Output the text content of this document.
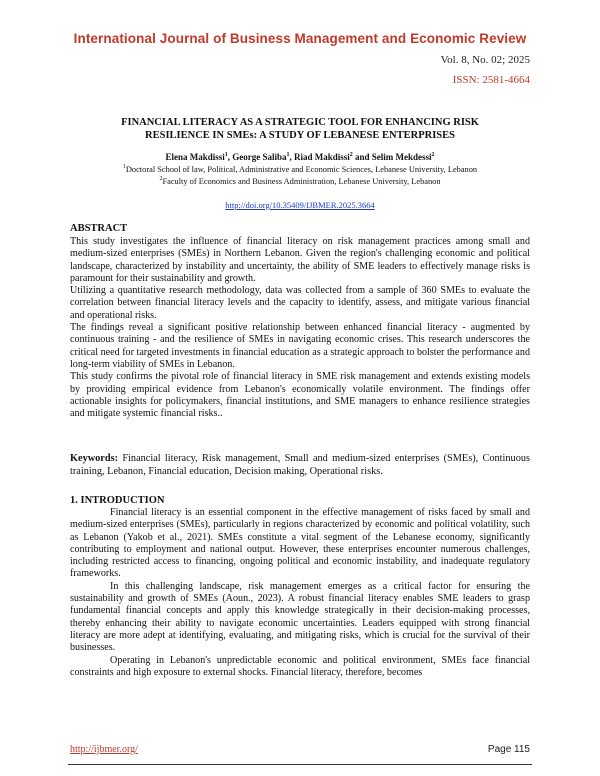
International Journal of Business Management and Economic Review
Vol. 8, No. 02; 2025
ISSN: 2581-4664
FINANCIAL LITERACY AS A STRATEGIC TOOL FOR ENHANCING RISK
RESILIENCE IN SMEs: A STUDY OF LEBANESE ENTERPRISES
Elena Makdissi$^1$, George Saliba$^1$, Riad Makdissi$^2$ and Selim Mekdessi$^2$
$^1$Doctoral School of law, Political, Administrative and Economic Sciences, Lebanese University, Lebanon
$^2$Faculty of Economics and Business Administration, Lebanese University, Lebanon
http://doi.org/10.35409/IJBMER.2025.3664
ABSTRACT

This study investigates the influence of financial literacy on risk management practices among small and medium-sized enterprises (SMEs) in Northern Lebanon. Given the region's challenging economic and political landscape, characterized by instability and uncertainty, the ability of SME leaders to effectively manage risks is paramount for their sustainability and growth.

Utilizing a quantitative research methodology, data was collected from a sample of 360 SMEs to evaluate the correlation between financial literacy levels and the capacity to identify, assess, and mitigate various financial and operational risks.

The findings reveal a significant positive relationship between enhanced financial literacy - augmented by continuous training - and the resilience of SMEs in navigating economic crises. This research underscores the critical need for targeted investments in financial education as a strategic approach to bolster the performance and long-term viability of SMEs in Lebanon.

This study confirms the pivotal role of financial literacy in SME risk management and extends existing models by providing empirical evidence from Lebanon's economically volatile environment. The findings offer actionable insights for policymakers, financial institutions, and SME managers to enhance resilience strategies and mitigate systemic financial risks..

Keywords: Financial literacy, Risk management, Small and medium-sized enterprises (SMEs), Continuous training, Lebanon, Financial education, Decision making, Operational risks.
1. INTRODUCTION

Financial literacy is an essential component in the effective management of risks faced by small and medium-sized enterprises (SMEs), particularly in regions characterized by economic and political volatility, such as Lebanon (Yakob et al., 2021). SMEs constitute a vital segment of the Lebanese economy, significantly contributing to employment and national output. However, these enterprises encounter numerous challenges, including restricted access to financing, ongoing political and economic instability, and inadequate regulatory frameworks.

In this challenging landscape, risk management emerges as a critical factor for ensuring the sustainability and growth of SMEs (Aoun., 2023). A robust financial literacy enables SME leaders to grasp fundamental financial concepts and apply this knowledge strategically in their decision-making processes, thereby enhancing their ability to navigate economic uncertainties. Leaders equipped with strong financial literacy are more adept at identifying, evaluating, and mitigating risks, which is crucial for the survival of their businesses.

Operating in Lebanon's unpredictable economic and political environment, SMEs face financial constraints and high exposure to external shocks. Financial literacy, therefore, becomes

http://ijbmer.org/	Page 115
